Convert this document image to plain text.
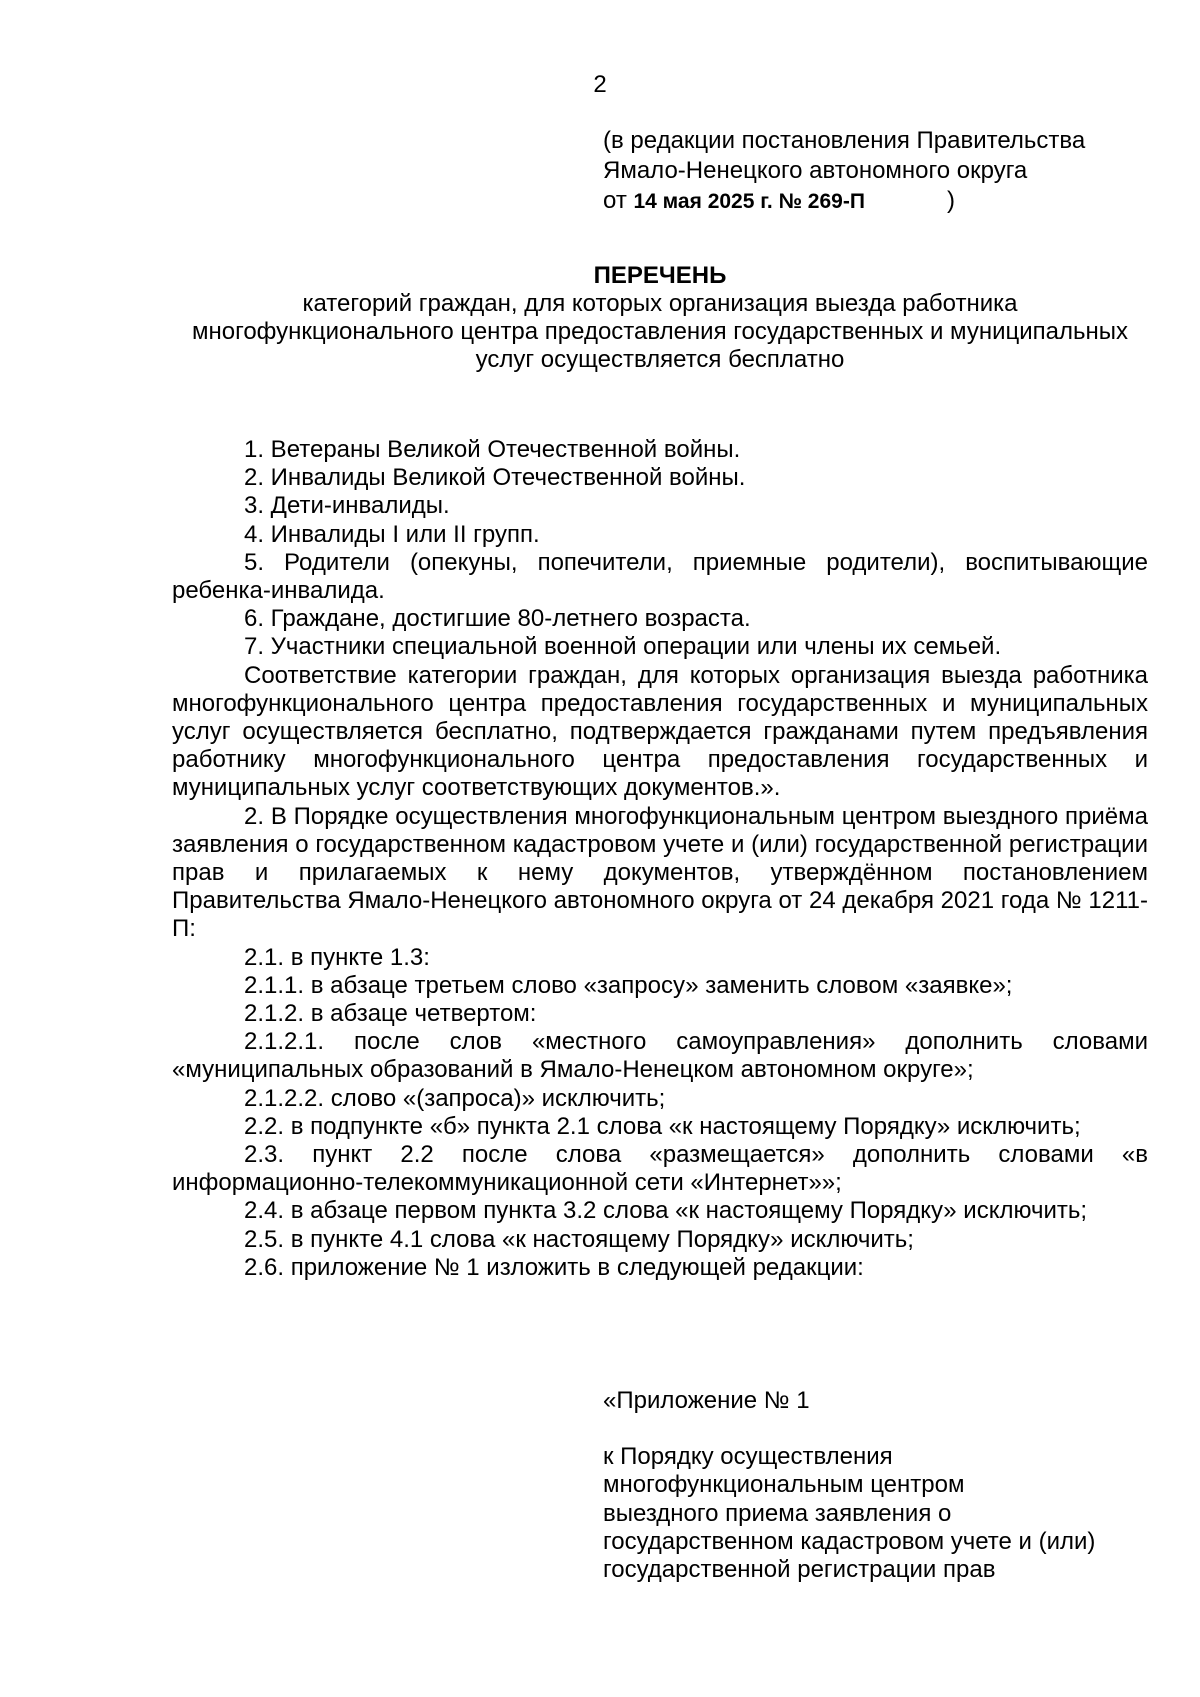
2
(в редакции постановления Правительства
Ямало-Ненецкого автономного округа
от 14 мая 2025 г. № 269-П	)
ПЕРЕЧЕНЬ
категорий граждан, для которых организация выезда работника многофункционального центра предоставления государственных и муниципальных услуг осуществляется бесплатно

1. Ветераны Великой Отечественной войны.

2. Инвалиды Великой Отечественной войны.

3. Дети-инвалиды.

4. Инвалиды I или II групп.

5. Родители (опекуны, попечители, приемные родители), воспитывающие ребенка-инвалида.

6. Граждане, достигшие 80-летнего возраста.

7. Участники специальной военной операции или члены их семьей.

Соответствие категории граждан, для которых организация выезда работника многофункционального центра предоставления государственных и муниципальных услуг осуществляется бесплатно, подтверждается гражданами путем предъявления работнику многофункционального центра предоставления государственных и муниципальных услуг соответствующих документов.».

2. В Порядке осуществления многофункциональным центром выездного приёма заявления о государственном кадастровом учете и (или) государственной регистрации прав и прилагаемых к нему документов, утверждённом постановлением Правительства Ямало-Ненецкого автономного округа от 24 декабря 2021 года № 1211-П:

2.1. в пункте 1.3:

2.1.1. в абзаце третьем слово «запросу» заменить словом «заявке»;

2.1.2. в абзаце четвертом:

2.1.2.1. после слов «местного самоуправления» дополнить словами «муниципальных образований в Ямало-Ненецком автономном округе»;

2.1.2.2. слово «(запроса)» исключить;

2.2. в подпункте «б» пункта 2.1 слова «к настоящему Порядку» исключить;

2.3. пункт 2.2 после слова «размещается» дополнить словами «в информационно-телекоммуникационной сети «Интернет»»;

2.4. в абзаце первом пункта 3.2 слова «к настоящему Порядку» исключить;

2.5. в пункте 4.1 слова «к настоящему Порядку» исключить;

2.6. приложение № 1 изложить в следующей редакции:

«Приложение № 1
к Порядку осуществления
многофункциональным центром
выездного приема заявления о
государственном кадастровом учете и (или)
государственной регистрации прав
